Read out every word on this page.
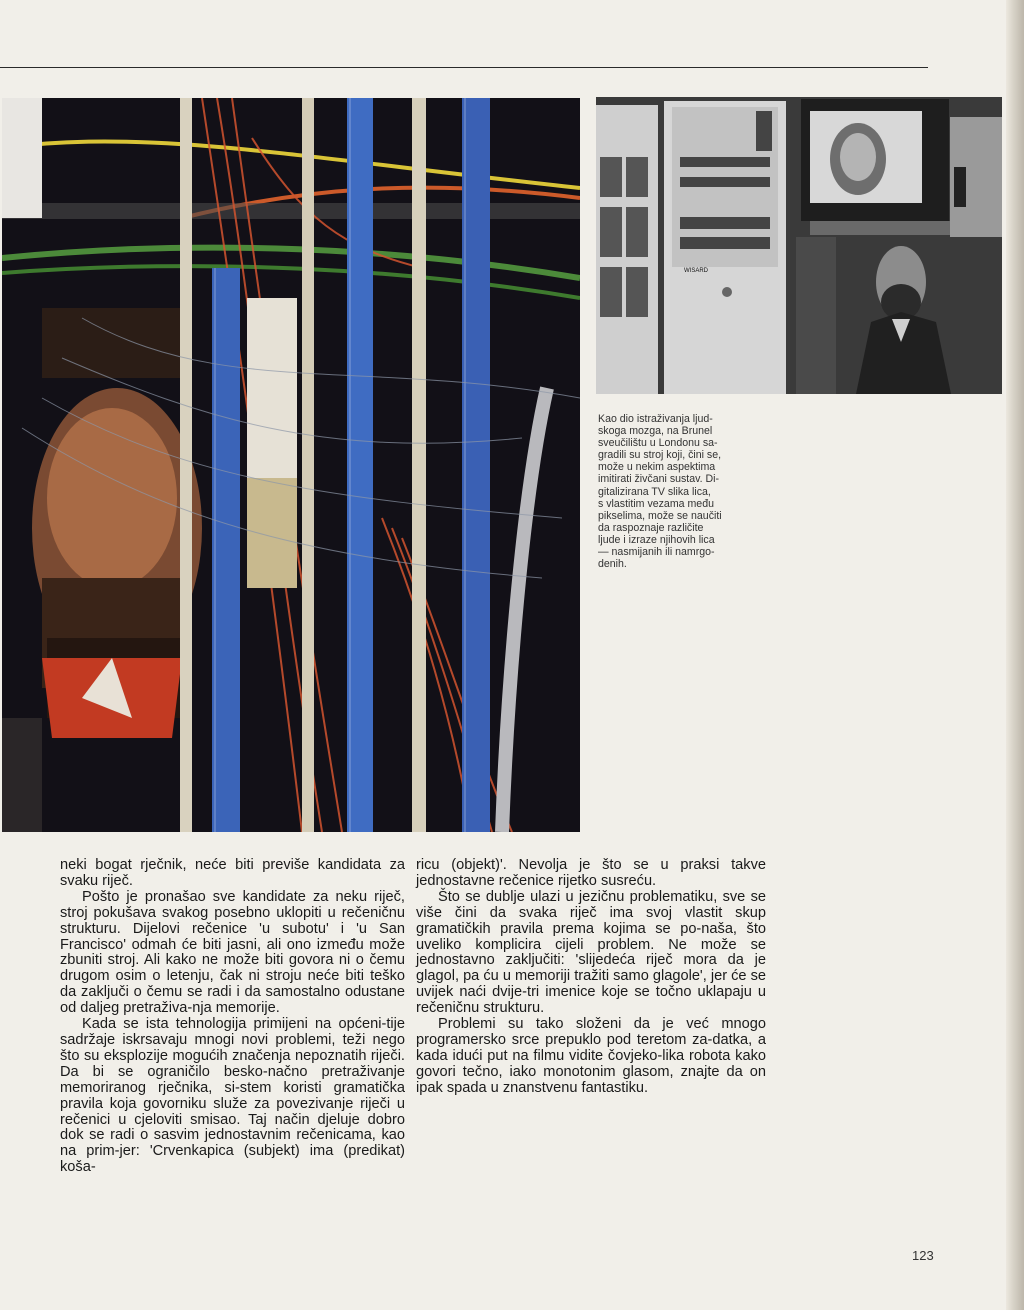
WISARD
Kao dio istraživanja ljud-
skoga mozga, na Brunel
sveučilištu u Londonu sa-
gradili su stroj koji, čini se,
može u nekim aspektima
imitirati živčani sustav. Di-
gitalizirana TV slika lica,
s vlastitim vezama među
pikselima, može se naučiti
da raspoznaje različite
ljude i izraze njihovih lica
— nasmijanih ili namrgo-
denih.

neki bogat rječnik, neće biti previše kandidata za svaku riječ.

Pošto je pronašao sve kandidate za neku riječ, stroj pokušava svakog posebno uklopiti u rečeničnu strukturu. Dijelovi rečenice 'u subotu' i 'u San Francisco' odmah će biti jasni, ali ono između može zbuniti stroj. Ali kako ne može biti govora ni o čemu drugom osim o letenju, čak ni stroju neće biti teško da zaključi o čemu se radi i da samostalno odustane od daljeg pretraživa-nja memorije.

Kada se ista tehnologija primijeni na općeni-tije sadržaje iskrsavaju mnogi novi problemi, teži nego što su eksplozije mogućih značenja nepoznatih riječi. Da bi se ograničilo besko-načno pretraživanje memoriranog rječnika, si-stem koristi gramatička pravila koja govorniku služe za povezivanje riječi u rečenici u cjeloviti smisao. Taj način djeluje dobro dok se radi o sasvim jednostavnim rečenicama, kao na prim-jer: 'Crvenkapica (subjekt) ima (predikat) koša-

ricu (objekt)'. Nevolja je što se u praksi takve jednostavne rečenice rijetko susreću.

Što se dublje ulazi u jezičnu problematiku, sve se više čini da svaka riječ ima svoj vlastit skup gramatičkih pravila prema kojima se po-naša, što uveliko komplicira cijeli problem. Ne može se jednostavno zaključiti: 'slijedeća riječ mora da je glagol, pa ću u memoriji tražiti samo glagole', jer će se uvijek naći dvije-tri imenice koje se točno uklapaju u rečeničnu strukturu.

Problemi su tako složeni da je već mnogo programersko srce prepuklo pod teretom za-datka, a kada idući put na filmu vidite čovjeko-lika robota kako govori tečno, iako monotonim glasom, znajte da on ipak spada u znanstvenu fantastiku.

123
